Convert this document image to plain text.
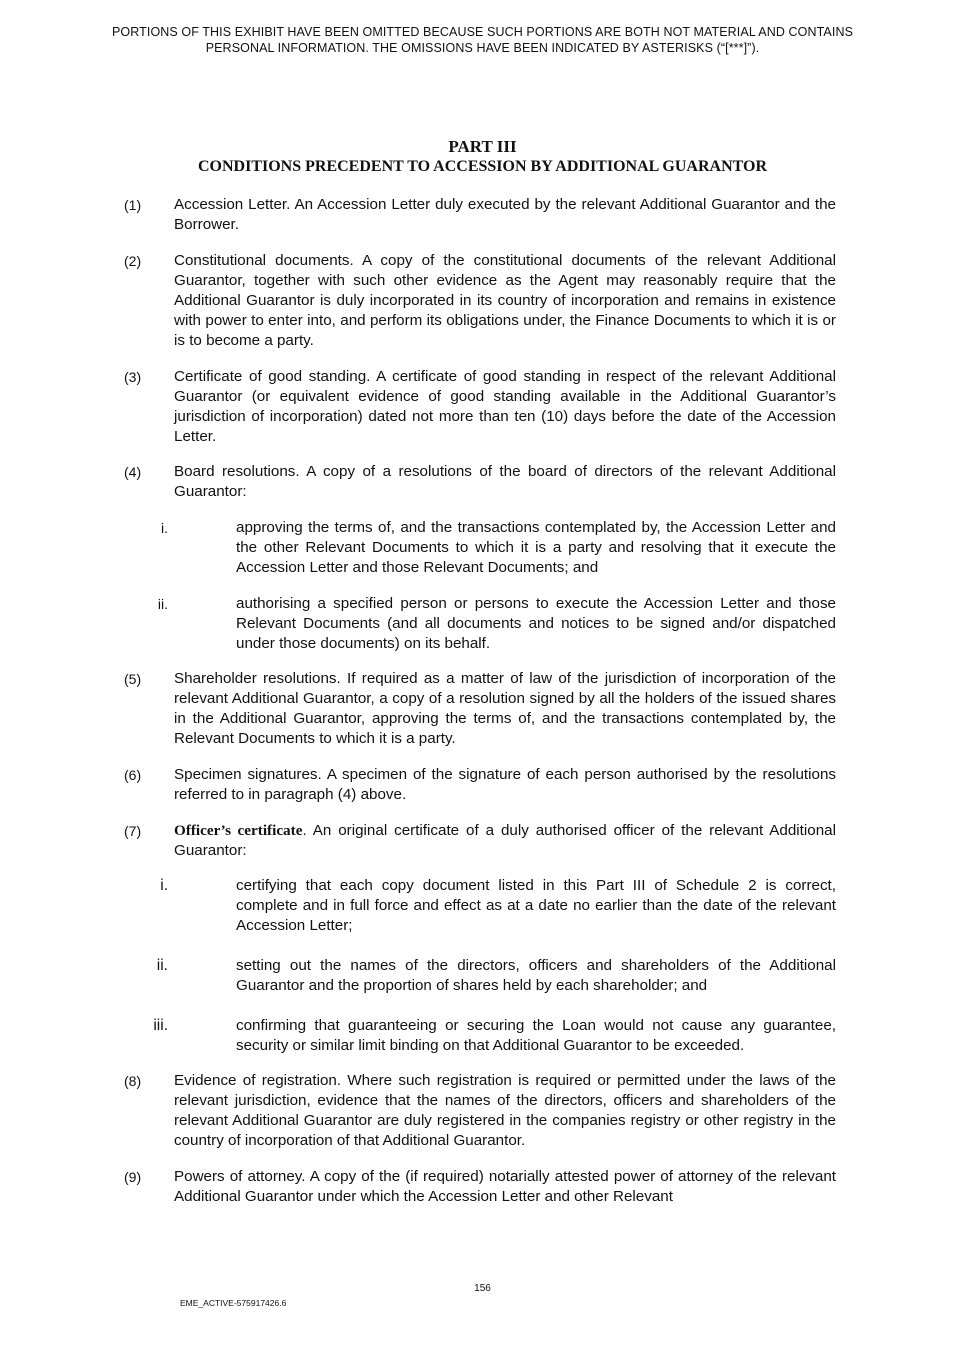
PORTIONS OF THIS EXHIBIT HAVE BEEN OMITTED BECAUSE SUCH PORTIONS ARE BOTH NOT MATERIAL AND CONTAINS PERSONAL INFORMATION. THE OMISSIONS HAVE BEEN INDICATED BY ASTERISKS (“[***]”).
PART III
CONDITIONS PRECEDENT TO ACCESSION BY ADDITIONAL GUARANTOR
(1) Accession Letter. An Accession Letter duly executed by the relevant Additional Guarantor and the Borrower.
(2) Constitutional documents. A copy of the constitutional documents of the relevant Additional Guarantor, together with such other evidence as the Agent may reasonably require that the Additional Guarantor is duly incorporated in its country of incorporation and remains in existence with power to enter into, and perform its obligations under, the Finance Documents to which it is or is to become a party.
(3) Certificate of good standing. A certificate of good standing in respect of the relevant Additional Guarantor (or equivalent evidence of good standing available in the Additional Guarantor’s jurisdiction of incorporation) dated not more than ten (10) days before the date of the Accession Letter.
(4) Board resolutions. A copy of a resolutions of the board of directors of the relevant Additional Guarantor:
i.	approving the terms of, and the transactions contemplated by, the Accession Letter and the other Relevant Documents to which it is a party and resolving that it execute the Accession Letter and those Relevant Documents; and
ii.	authorising a specified person or persons to execute the Accession Letter and those Relevant Documents (and all documents and notices to be signed and/or dispatched under those documents) on its behalf.
(5) Shareholder resolutions. If required as a matter of law of the jurisdiction of incorporation of the relevant Additional Guarantor, a copy of a resolution signed by all the holders of the issued shares in the Additional Guarantor, approving the terms of, and the transactions contemplated by, the Relevant Documents to which it is a party.
(6) Specimen signatures. A specimen of the signature of each person authorised by the resolutions referred to in paragraph (4) above.
(7) Officer’s certificate. An original certificate of a duly authorised officer of the relevant Additional Guarantor:
i.	certifying that each copy document listed in this Part III of Schedule 2 is correct, complete and in full force and effect as at a date no earlier than the date of the relevant Accession Letter;
ii.	setting out the names of the directors, officers and shareholders of the Additional Guarantor and the proportion of shares held by each shareholder; and
iii.	confirming that guaranteeing or securing the Loan would not cause any guarantee, security or similar limit binding on that Additional Guarantor to be exceeded.
(8) Evidence of registration. Where such registration is required or permitted under the laws of the relevant jurisdiction, evidence that the names of the directors, officers and shareholders of the relevant Additional Guarantor are duly registered in the companies registry or other registry in the country of incorporation of that Additional Guarantor.
(9) Powers of attorney. A copy of the (if required) notarially attested power of attorney of the relevant Additional Guarantor under which the Accession Letter and other Relevant
156
EME_ACTIVE-575917426.6
